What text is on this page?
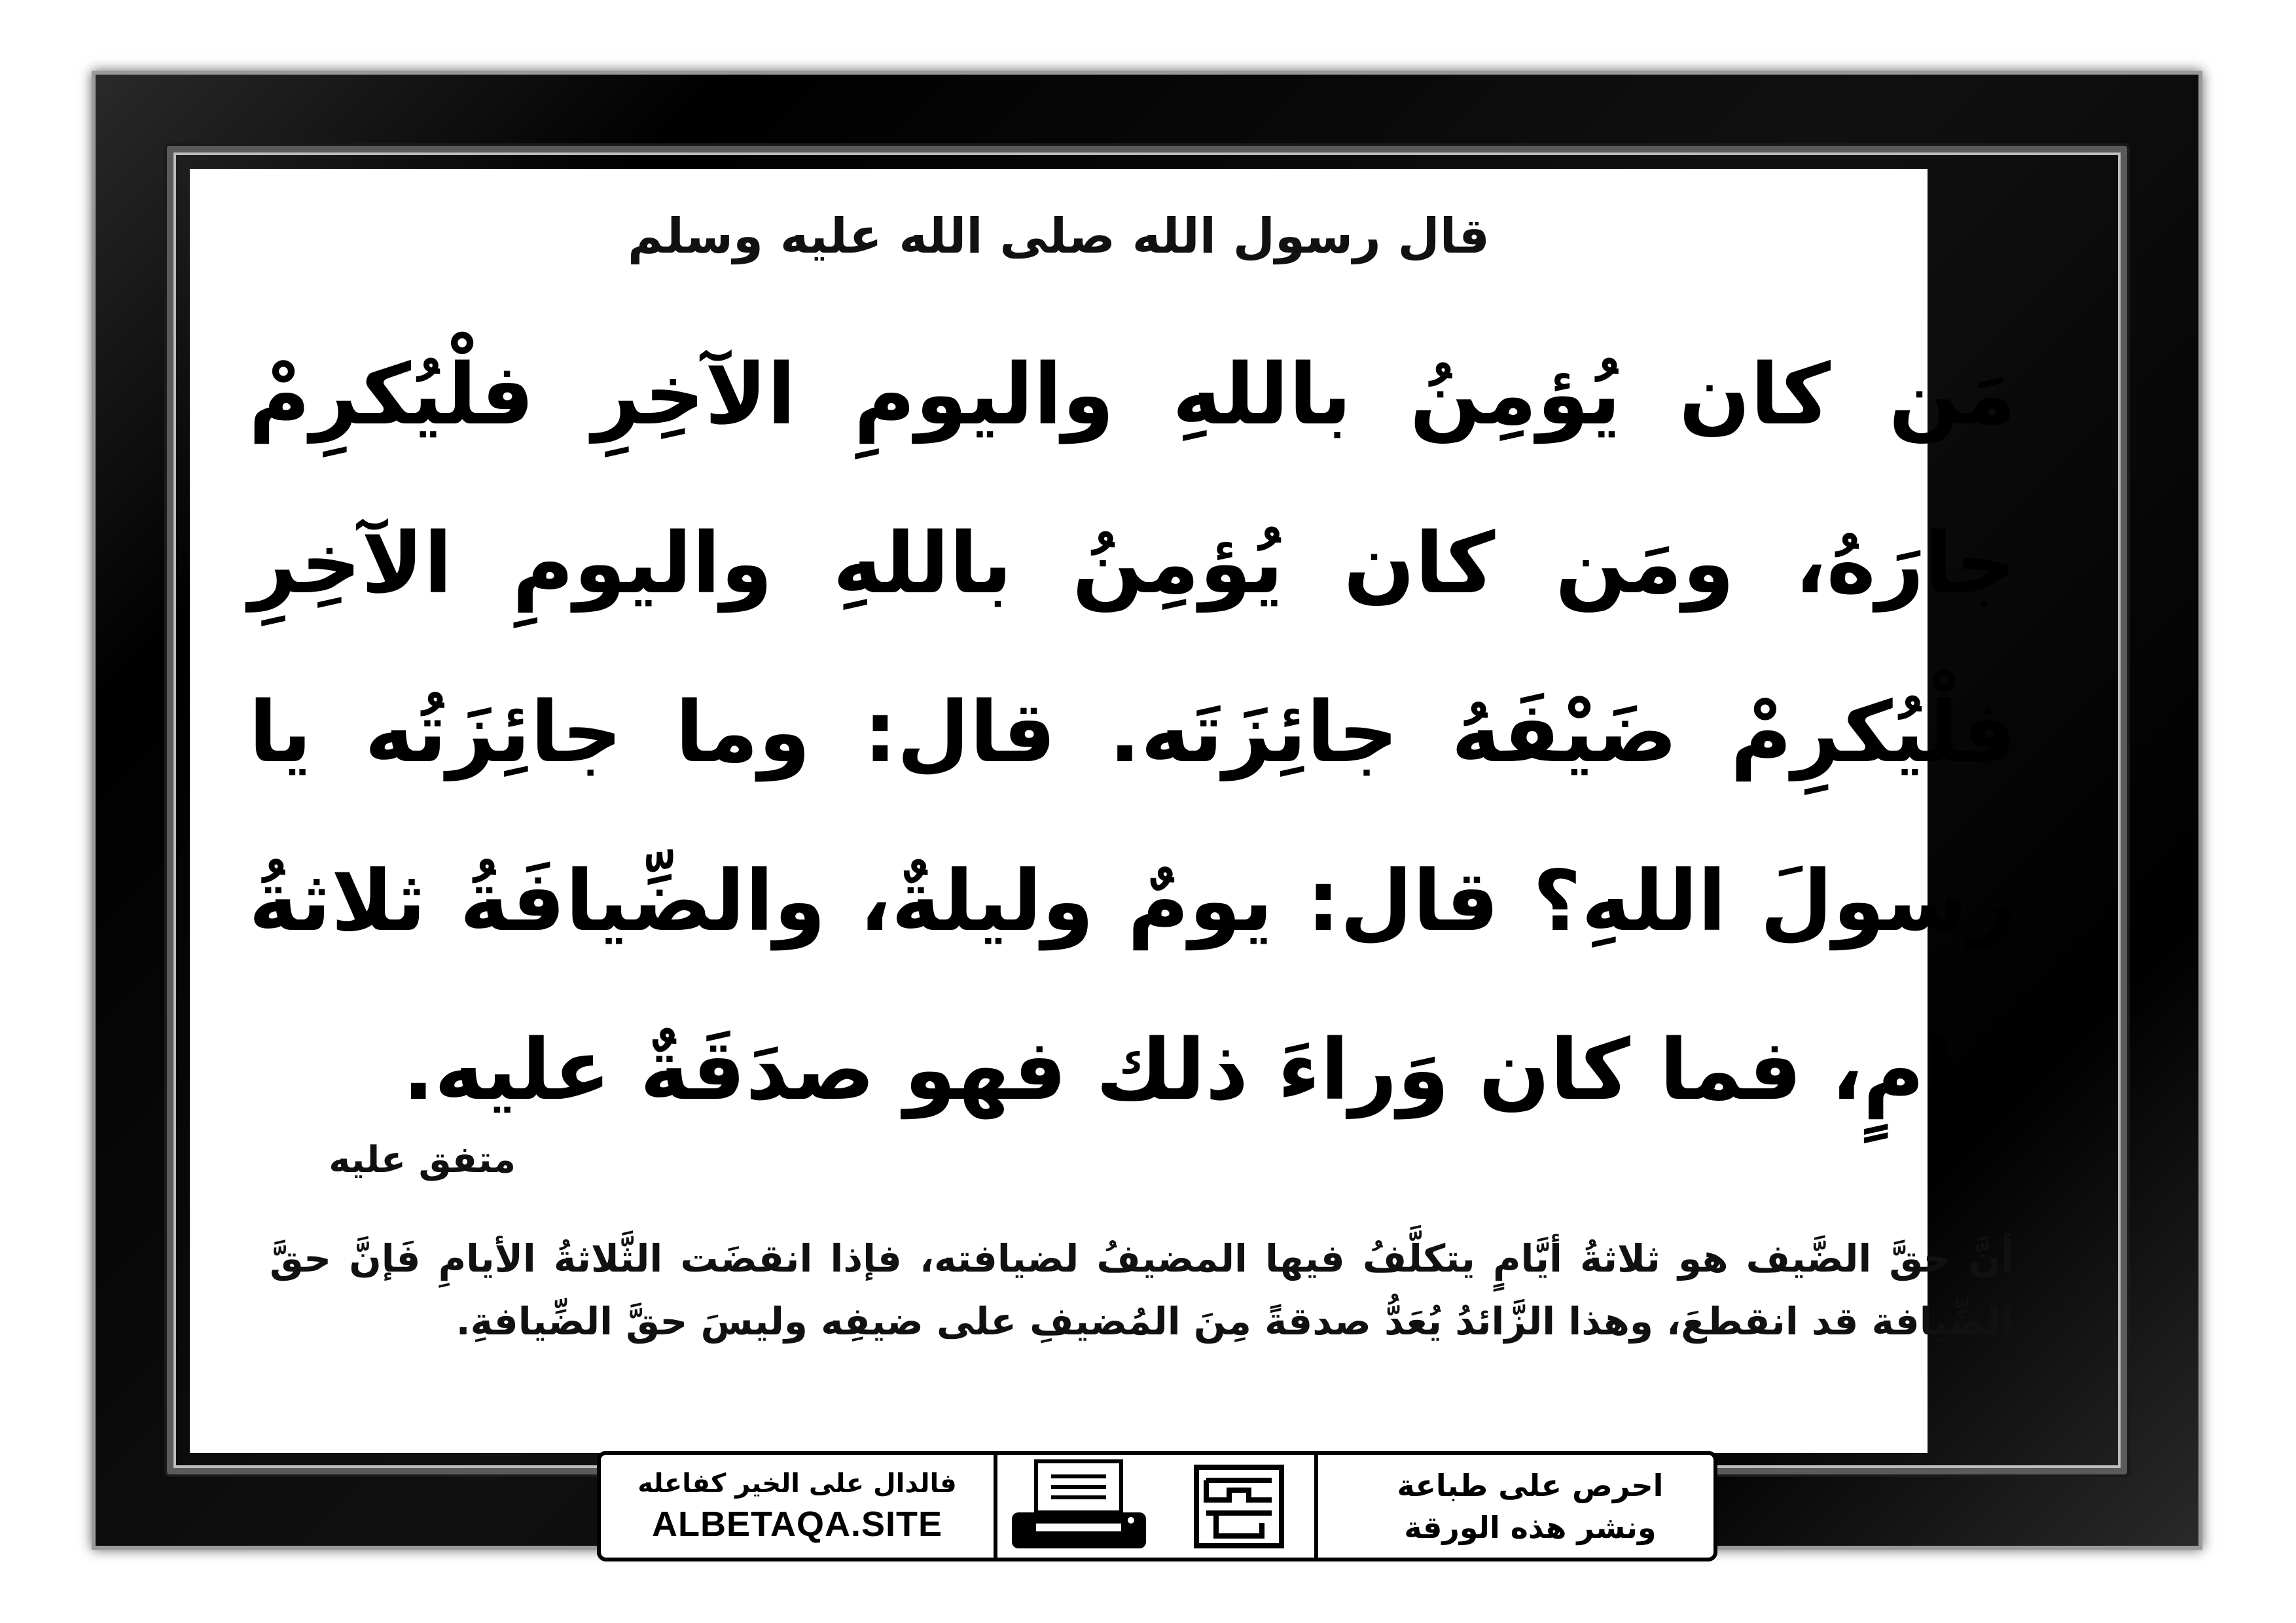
قال رسول الله صلى الله عليه وسلم
مَن كان يُؤمِنُ باللهِ واليومِ الآخِرِ فلْيُكرِمْ جارَهُ، ومَن كان يُؤمِنُ باللهِ واليومِ الآخِرِ فلْيُكرِمْ ضَيْفَهُ جائِزَتَه. قال: وما جائِزَتُه يا رسولَ اللهِ؟ قال: يومٌ وليلةٌ، والضِّيافَةُ ثلاثةُ أيامٍ، فما كان وَراءَ ذلك فهو صدَقَةٌ عليه.
متفق عليه
أنَّ حقَّ الضَّيف هو ثلاثةُ أيَّامٍ يتكلَّفُ فيها المضيفُ لضيافته، فإذا انقضَت الثَّلاثةُ الأيامِ فَإنَّ حقَّ الضِّيافة قد انقطعَ، وهذا الزَّائدُ يُعَدُّ صدقةً مِنَ المُضيفِ على ضيفِه وليسَ حقَّ الضِّيافةِ.
فالدال على الخير كفاعله
ALBETAQA.SITE
احرص على طباعة
ونشر هذه الورقة
